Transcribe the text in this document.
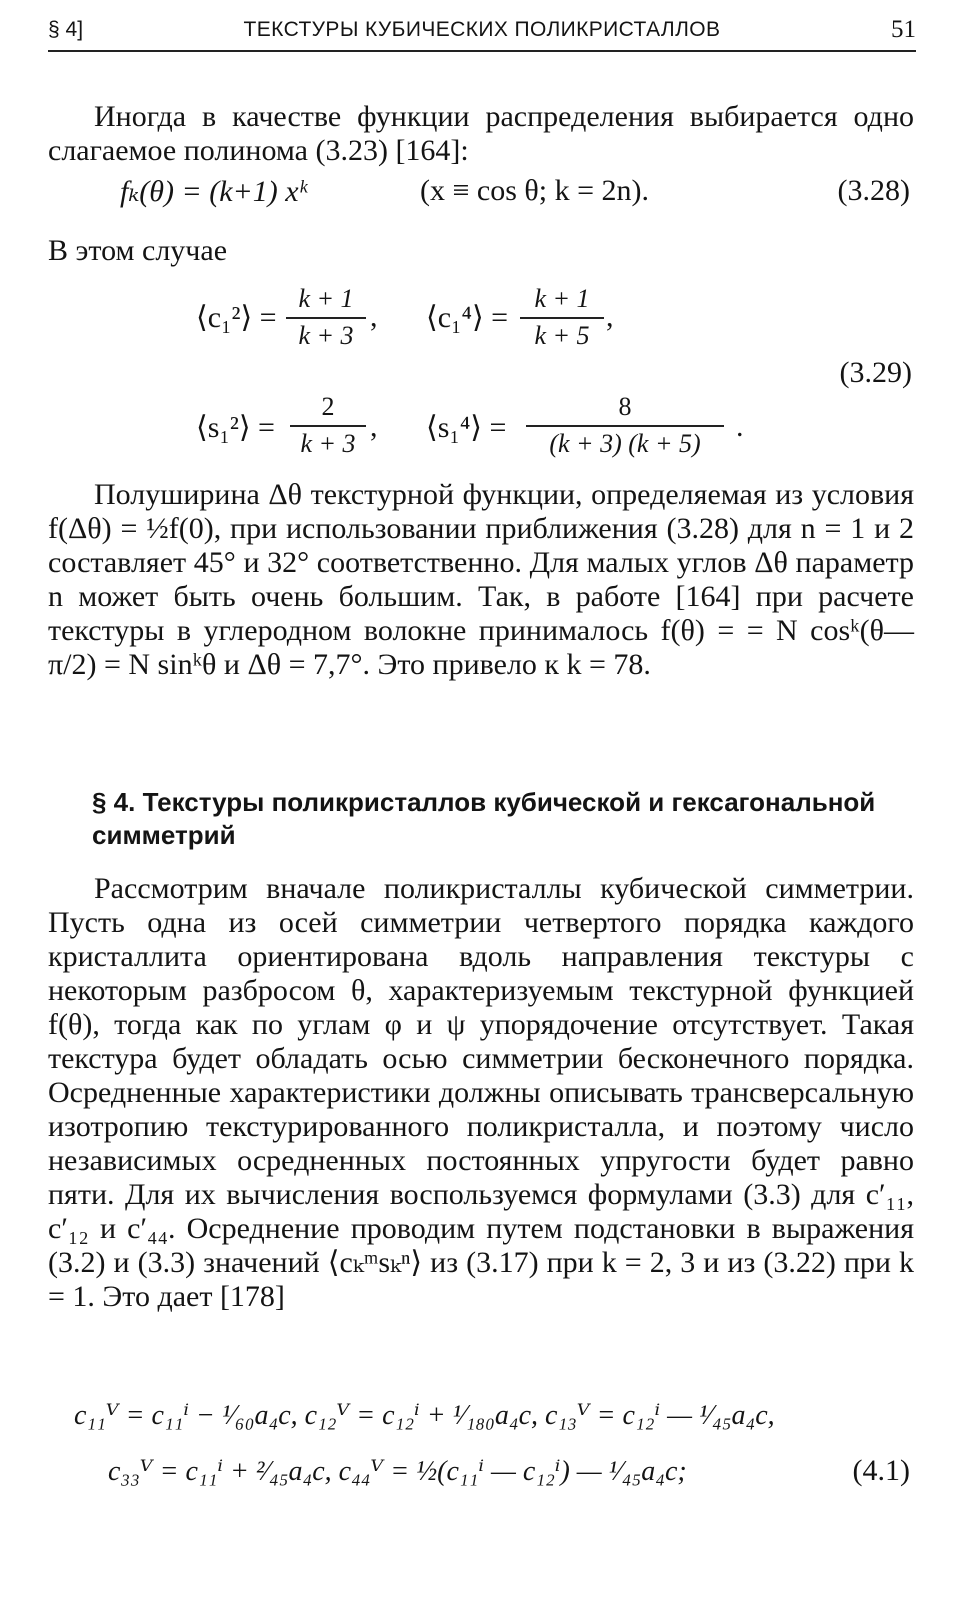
§ 4]	ТЕКСТУРЫ КУБИЧЕСКИХ ПОЛИКРИСТАЛЛОВ	51

Иногда в качестве функции распределения выбирается одно слагаемое полинома (3.23) [164]:

fₖ(θ) = (k+1) xᵏ	(x ≡ cos θ; k = 2n).	(3.28)

В этом случае

⟨c₁²⟩ =
k + 1
k + 3
, ⟨c₁⁴⟩ =
k + 1
k + 5
,
(3.29)
⟨s₁²⟩ =
2
k + 3
, ⟨s₁⁴⟩ =
8
(k + 3) (k + 5)
.

Полуширина Δθ текстурной функции, определяемая из условия f(Δθ) = ½f(0), при использовании приближения (3.28) для n = 1 и 2 составляет 45° и 32° соответственно. Для малых углов Δθ параметр n может быть очень большим. Так, в работе [164] при расчете текстуры в углеродном волокне принималось f(θ) = = N cosᵏ(θ—π/2) = N sinᵏθ и Δθ = 7,7°. Это привело к k = 78.

§ 4. Текстуры поликристаллов кубической и гексагональной симметрий

Рассмотрим вначале поликристаллы кубической симметрии. Пусть одна из осей симметрии четвертого порядка каждого кристаллита ориентирована вдоль направления текстуры с некоторым разбросом θ, характеризуемым текстурной функцией f(θ), тогда как по углам φ и ψ упорядочение отсутствует. Такая текстура будет обладать осью симметрии бесконечного порядка. Осредненные характеристики должны описывать трансверсальную изотропию текстурированного поликристалла, и поэтому число независимых осредненных постоянных упругости будет равно пяти. Для их вычисления воспользуемся формулами (3.3) для c′₁₁, c′₁₂ и c′₄₄. Осреднение проводим путем подстановки в выражения (3.2) и (3.3) значений ⟨cₖᵐsₖⁿ⟩ из (3.17) при k = 2, 3 и из (3.22) при k = 1. Это дает [178]

c₁₁ⱽ = c₁₁ⁱ − ¹⁄₆₀a₄c, c₁₂ⱽ = c₁₂ⁱ + ¹⁄₁₈₀a₄c, c₁₃ⱽ = c₁₂ⁱ — ¹⁄₄₅a₄c,
c₃₃ⱽ = c₁₁ⁱ + ²⁄₄₅a₄c, c₄₄ⱽ = ½(c₁₁ⁱ — c₁₂ⁱ) — ¹⁄₄₅a₄c;	(4.1)
